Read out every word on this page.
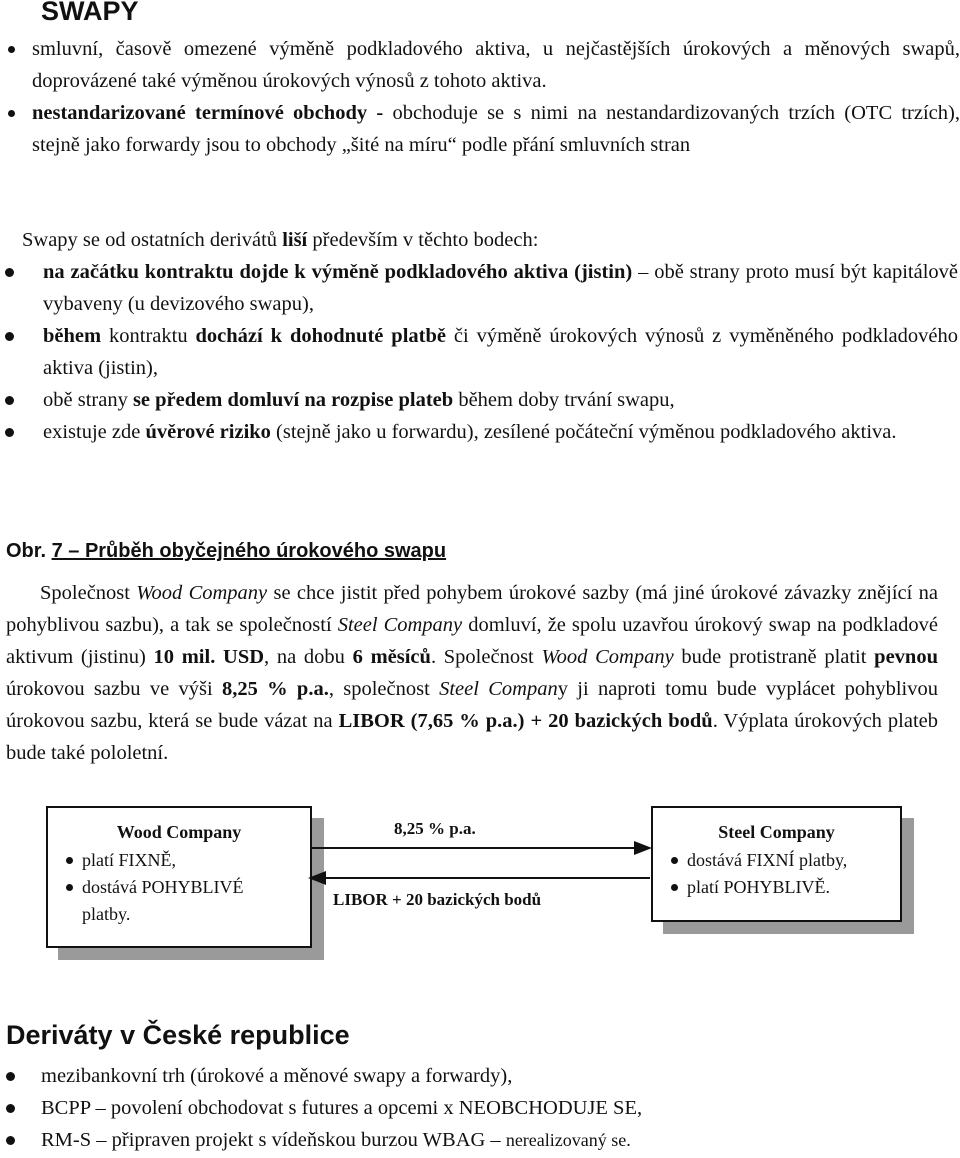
SWAPY
smluvní, časově omezené výměně podkladového aktiva, u nejčastějších úrokových a měnových swapů, doprovázené také výměnou úrokových výnosů z tohoto aktiva.
nestandarizované termínové obchody - obchoduje se s nimi na nestandardizovaných trzích (OTC trzích), stejně jako forwardy jsou to obchody „šité na míru“ podle přání smluvních stran

Swapy se od ostatních derivátů liší především v těchto bodech:

na začátku kontraktu dojde k výměně podkladového aktiva (jistin) – obě strany proto musí být kapitálově vybaveny (u devizového swapu),
během kontraktu dochází k dohodnuté platbě či výměně úrokových výnosů z vyměněného podkladového aktiva (jistin),
obě strany se předem domluví na rozpise plateb během doby trvání swapu,
existuje zde úvěrové riziko (stejně jako u forwardu), zesílené počáteční výměnou podkladového aktiva.

Obr. 7 – Průběh obyčejného úrokového swapu

Společnost Wood Company se chce jistit před pohybem úrokové sazby (má jiné úrokové závazky znějící na pohyblivou sazbu), a tak se společností Steel Company domluví, že spolu uzavřou úrokový swap na podkladové aktivum (jistinu) 10 mil. USD, na dobu 6 měsíců. Společnost Wood Company bude protistraně platit pevnou úrokovou sazbu ve výši 8,25 % p.a., společnost Steel Company ji naproti tomu bude vyplácet pohyblivou úrokovou sazbu, která se bude vázat na LIBOR (7,65 % p.a.) + 20 bazických bodů. Výplata úrokových plateb bude také pololetní.

Wood Company
platí FIXNĚ,
dostává POHYBLIVÉ platby.
Steel Company
dostává FIXNÍ platby,
platí POHYBLIVĚ.
8,25 % p.a.
LIBOR + 20 bazických bodů
Deriváty v České republice
mezibankovní trh (úrokové a měnové swapy a forwardy),
BCPP – povolení obchodovat s futures a opcemi x NEOBCHODUJE SE,
RM-S – připraven projekt s vídeňskou burzou WBAG – nerealizovaný se.
